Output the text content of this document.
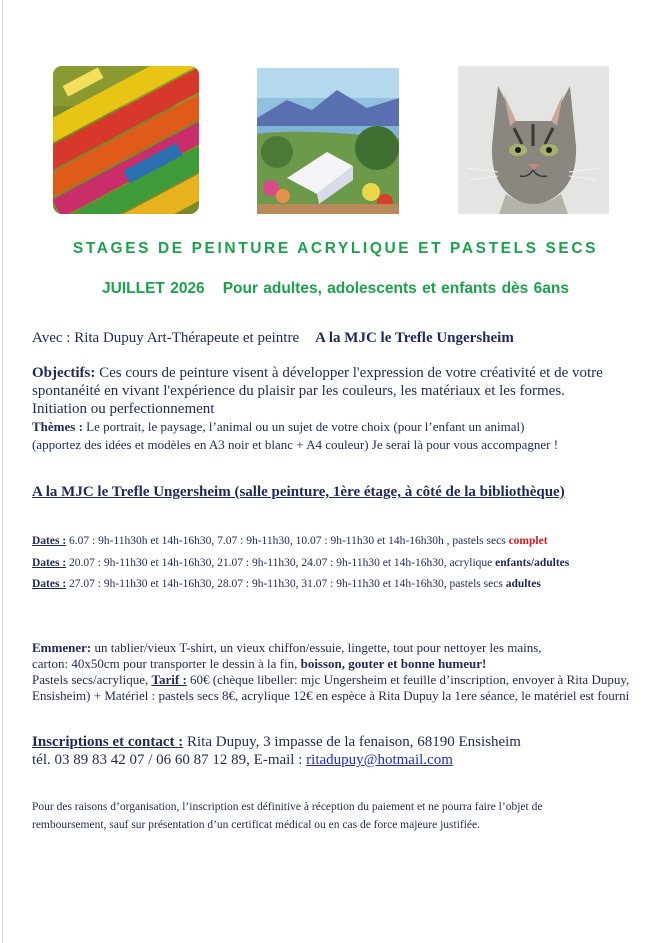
STAGES DE PEINTURE ACRYLIQUE ET PASTELS SECS
JUILLET 2026 Pour adultes, adolescents et enfants dès 6ans
Avec : Rita Dupuy Art-Thérapeute et peintre A la MJC le Trefle Ungersheim
Objectifs: Ces cours de peinture visent à développer l'expression de votre créativité et de votre
spontanéité en vivant l'expérience du plaisir par les couleurs, les matériaux et les formes.
Initiation ou perfectionnement
Thèmes : Le portrait, le paysage, l’animal ou un sujet de votre choix (pour l’enfant un animal)
(apportez des idées et modèles en A3 noir et blanc + A4 couleur) Je serai là pour vous accompagner !
A la MJC le Trefle Ungersheim (salle peinture, 1ère étage, à côté de la bibliothèque)
Dates : 6.07 : 9h-11h30h et 14h-16h30, 7.07 : 9h-11h30, 10.07 : 9h-11h30 et 14h-16h30h , pastels secs complet
Dates : 20.07 : 9h-11h30 et 14h-16h30, 21.07 : 9h-11h30, 24.07 : 9h-11h30 et 14h-16h30, acrylique enfants/adultes
Dates : 27.07 : 9h-11h30 et 14h-16h30, 28.07 : 9h-11h30, 31.07 : 9h-11h30 et 14h-16h30, pastels secs adultes
Emmener: un tablier/vieux T-shirt, un vieux chiffon/essuie, lingette, tout pour nettoyer les mains,
carton: 40x50cm pour transporter le dessin à la fin, boisson, gouter et bonne humeur!
Pastels secs/acrylique, Tarif : 60€ (chèque libeller: mjc Ungersheim et feuille d’inscription, envoyer à Rita Dupuy,
Ensisheim) + Matériel : pastels secs 8€, acrylique 12€ en espèce à Rita Dupuy la 1ere séance, le matériel est fourni
Inscriptions et contact : Rita Dupuy, 3 impasse de la fenaison, 68190 Ensisheim
tél. 03 89 83 42 07 / 06 60 87 12 89, E-mail : ritadupuy@hotmail.com
Pour des raisons d’organisation, l’inscription est définitive à réception du paiement et ne pourra faire l’objet de
remboursement, sauf sur présentation d’un certificat médical ou en cas de force majeure justifiée.
